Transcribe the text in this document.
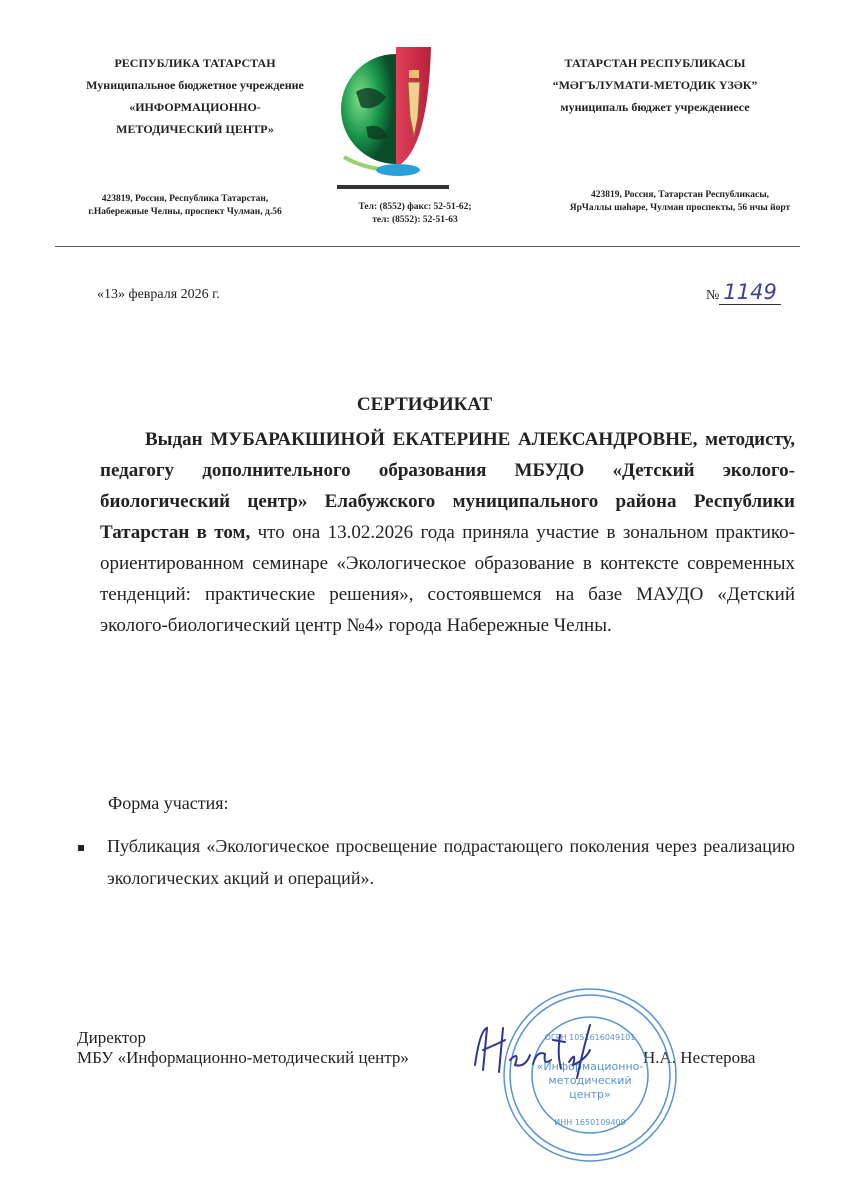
РЕСПУБЛИКА ТАТАРСТАН
Муниципальное бюджетное учреждение
«ИНФОРМАЦИОННО-
МЕТОДИЧЕСКИЙ ЦЕНТР»
423819, Россия, Республика Татарстан,
г.Набережные Челны, проспект Чулман, д.56	Тел: (8552) факс: 52-51-62;
тел: (8552): 52-51-63
ТАТАРСТАН РЕСПУБЛИКАСЫ
“МӘГЪЛУМАТИ-МЕТОДИК ҮЗӘК”
муниципаль бюджет учреждениесе
423819, Россия, Татарстан Республикасы,
ЯрЧаллы шәһәре, Чулман проспекты, 56 нчы йорт
«13» февраля 2026 г.	№ 1149
СЕРТИФИКАТ
Выдан МУБАРАКШИНОЙ ЕКАТЕРИНЕ АЛЕКСАНДРОВНЕ, методисту, педагогу дополнительного образования МБУДО «Детский эколого-биологический центр» Елабужского муниципального района Республики Татарстан в том, что она 13.02.2026 года приняла участие в зональном практико-ориентированном семинаре «Экологическое образование в контексте современных тенденций: практические решения», состоявшемся на базе МАУДО «Детский эколого-биологический центр №4» города Набережные Челны.
Форма участия:
Публикация «Экологическое просвещение подрастающего поколения через реализацию экологических акций и операций».
Директор
МБУ «Информационно-методический центр»	Н.А. Нестерова
«Информационно-
методический
центр»
ОГРН 1051616049101
ИНН 1650109409
